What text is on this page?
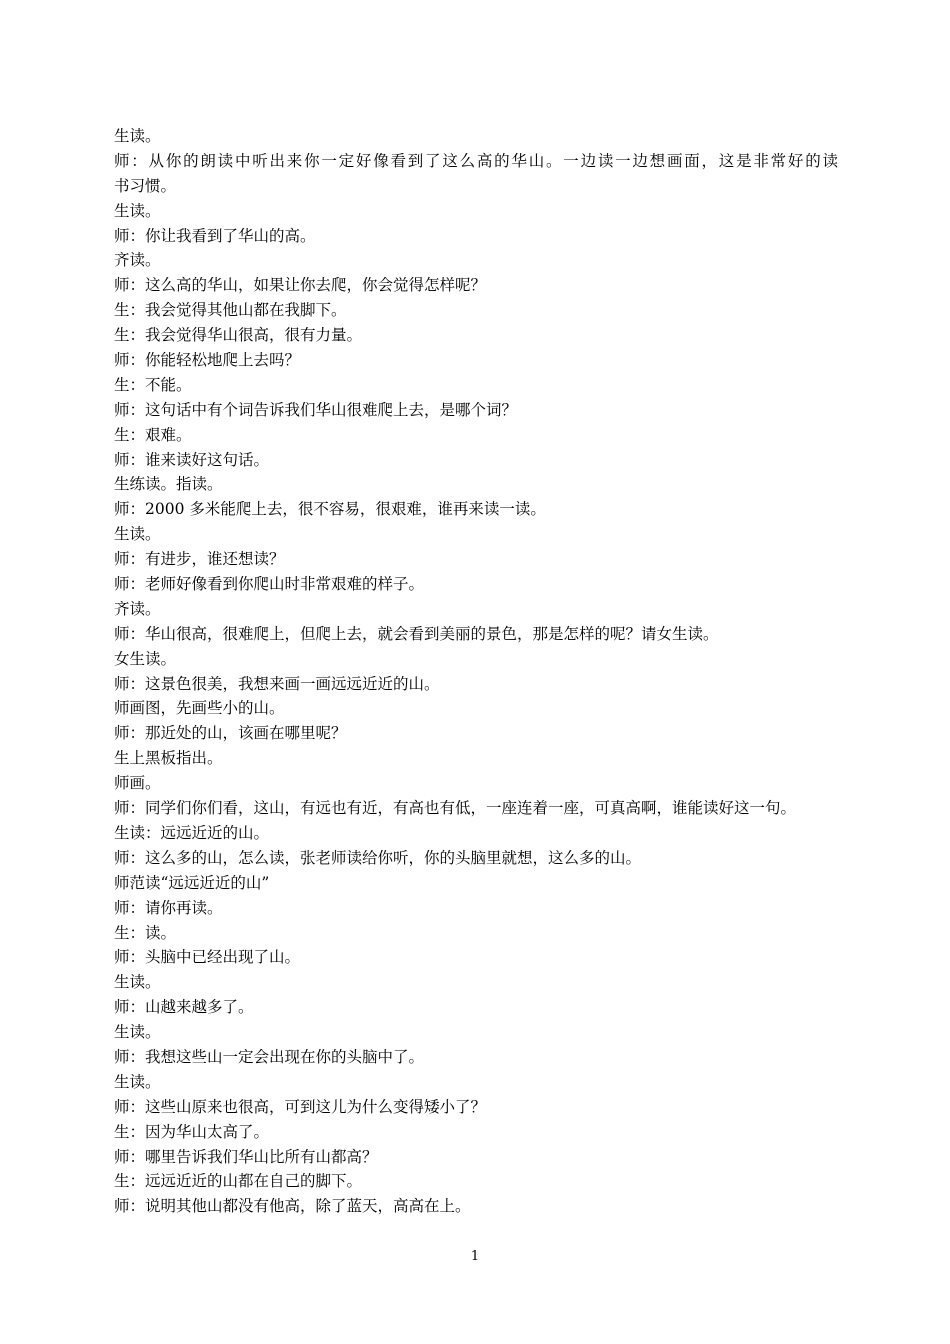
生读。
师：从你的朗读中听出来你一定好像看到了这么高的华山。一边读一边想画面，这是非常好的读
书习惯。
生读。
师：你让我看到了华山的高。
齐读。
师：这么高的华山，如果让你去爬，你会觉得怎样呢？
生：我会觉得其他山都在我脚下。
生：我会觉得华山很高，很有力量。
师：你能轻松地爬上去吗？
生：不能。
师：这句话中有个词告诉我们华山很难爬上去，是哪个词？
生：艰难。
师：谁来读好这句话。
生练读。指读。
师：2000 多米能爬上去，很不容易，很艰难，谁再来读一读。
生读。
师：有进步，谁还想读？
师：老师好像看到你爬山时非常艰难的样子。
齐读。
师：华山很高，很难爬上，但爬上去，就会看到美丽的景色，那是怎样的呢？请女生读。
女生读。
师：这景色很美，我想来画一画远远近近的山。
师画图，先画些小的山。
师：那近处的山，该画在哪里呢？
生上黑板指出。
师画。
师：同学们你们看，这山，有远也有近，有高也有低，一座连着一座，可真高啊，谁能读好这一句。
生读：远远近近的山。
师：这么多的山，怎么读，张老师读给你听，你的头脑里就想，这么多的山。
师范读“远远近近的山”
师：请你再读。
生：读。
师：头脑中已经出现了山。
生读。
师：山越来越多了。
生读。
师：我想这些山一定会出现在你的头脑中了。
生读。
师：这些山原来也很高，可到这儿为什么变得矮小了？
生：因为华山太高了。
师：哪里告诉我们华山比所有山都高？
生：远远近近的山都在自己的脚下。
师：说明其他山都没有他高，除了蓝天，高高在上。
1
